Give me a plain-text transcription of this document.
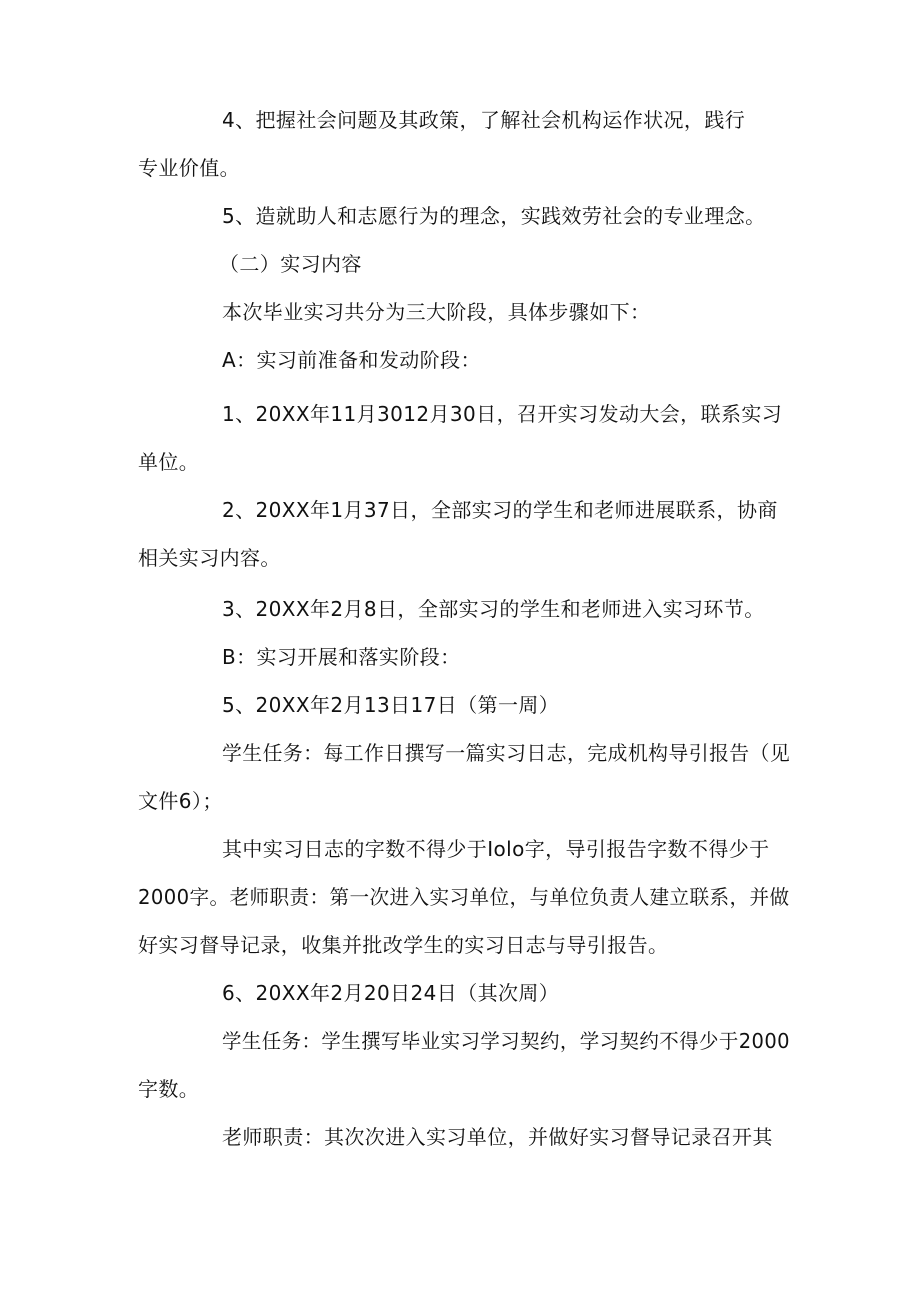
4、把握社会问题及其政策，了解社会机构运作状况，践行
专业价值。
5、造就助人和志愿行为的理念，实践效劳社会的专业理念。
（二）实习内容
本次毕业实习共分为三大阶段，具体步骤如下：
A：实习前准备和发动阶段：
1、20XX年11月3012月30日，召开实习发动大会，联系实习
单位。
2、20XX年1月37日，全部实习的学生和老师进展联系，协商
相关实习内容。
3、20XX年2月8日，全部实习的学生和老师进入实习环节。
B：实习开展和落实阶段：
5、20XX年2月13日17日（第一周）
学生任务：每工作日撰写一篇实习日志，完成机构导引报告（见
文件6）；
其中实习日志的字数不得少于Iolo字，导引报告字数不得少于
2000字。老师职责：第一次进入实习单位，与单位负责人建立联系，并做
好实习督导记录，收集并批改学生的实习日志与导引报告。
6、20XX年2月20日24日（其次周）
学生任务：学生撰写毕业实习学习契约，学习契约不得少于2000
字数。
老师职责：其次次进入实习单位，并做好实习督导记录召开其
